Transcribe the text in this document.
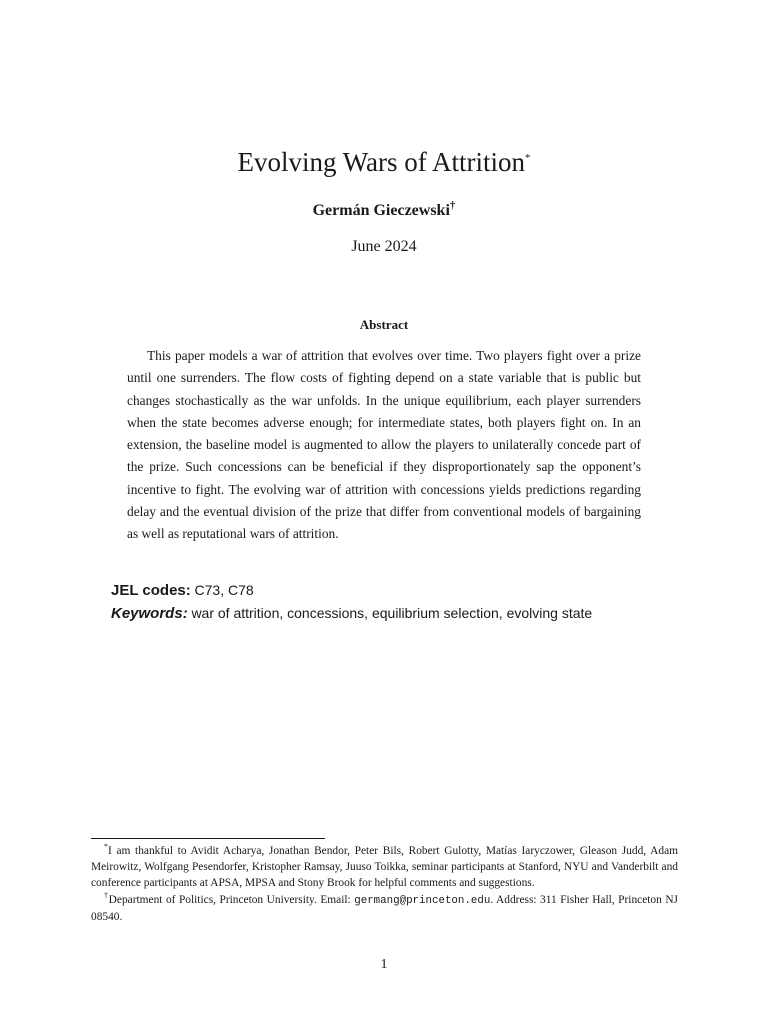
Evolving Wars of Attrition*
Germán Gieczewski†
June 2024
Abstract

This paper models a war of attrition that evolves over time. Two players fight over a prize until one surrenders. The flow costs of fighting depend on a state variable that is public but changes stochastically as the war unfolds. In the unique equilibrium, each player surrenders when the state becomes adverse enough; for intermediate states, both players fight on. In an extension, the baseline model is augmented to allow the players to unilaterally concede part of the prize. Such concessions can be beneficial if they disproportionately sap the opponent’s incentive to fight. The evolving war of attrition with concessions yields predictions regarding delay and the eventual division of the prize that differ from conventional models of bargaining as well as reputational wars of attrition.

JEL codes: C73, C78
Keywords: war of attrition, concessions, equilibrium selection, evolving state

*I am thankful to Avidit Acharya, Jonathan Bendor, Peter Bils, Robert Gulotty, Matías Iaryczower, Gleason Judd, Adam Meirowitz, Wolfgang Pesendorfer, Kristopher Ramsay, Juuso Toikka, seminar participants at Stanford, NYU and Vanderbilt and conference participants at APSA, MPSA and Stony Brook for helpful comments and suggestions.

†Department of Politics, Princeton University. Email: germang@princeton.edu. Address: 311 Fisher Hall, Princeton NJ 08540.

1
